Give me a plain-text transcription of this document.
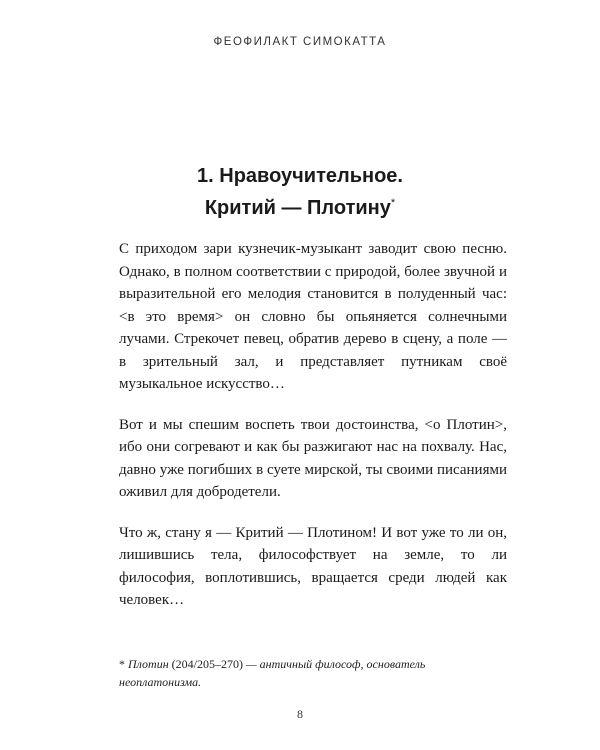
ФЕОФИЛАКТ СИМОКАТТА
1. Нравоучительное.
Критий — Плотину*

С приходом зари кузнечик-музыкант заводит свою песню. Однако, в полном соответствии с природой, более звучной и выразительной его мелодия становится в полуденный час: <в это время> он словно бы опьяняется солнечными лучами. Стрекочет певец, обратив дерево в сцену, а поле — в зрительный зал, и представляет путникам своё музыкальное искусство…

Вот и мы спешим воспеть твои достоинства, <о Плотин>, ибо они согревают и как бы разжигают нас на похвалу. Нас, давно уже погибших в суете мирской, ты своими писаниями оживил для добродетели.

Что ж, стану я — Критий — Плотином! И вот уже то ли он, лишившись тела, философствует на земле, то ли философия, воплотившись, вращается среди людей как человек…

* Плотин (204/205–270) — античный философ, основатель неоплатонизма.
8
